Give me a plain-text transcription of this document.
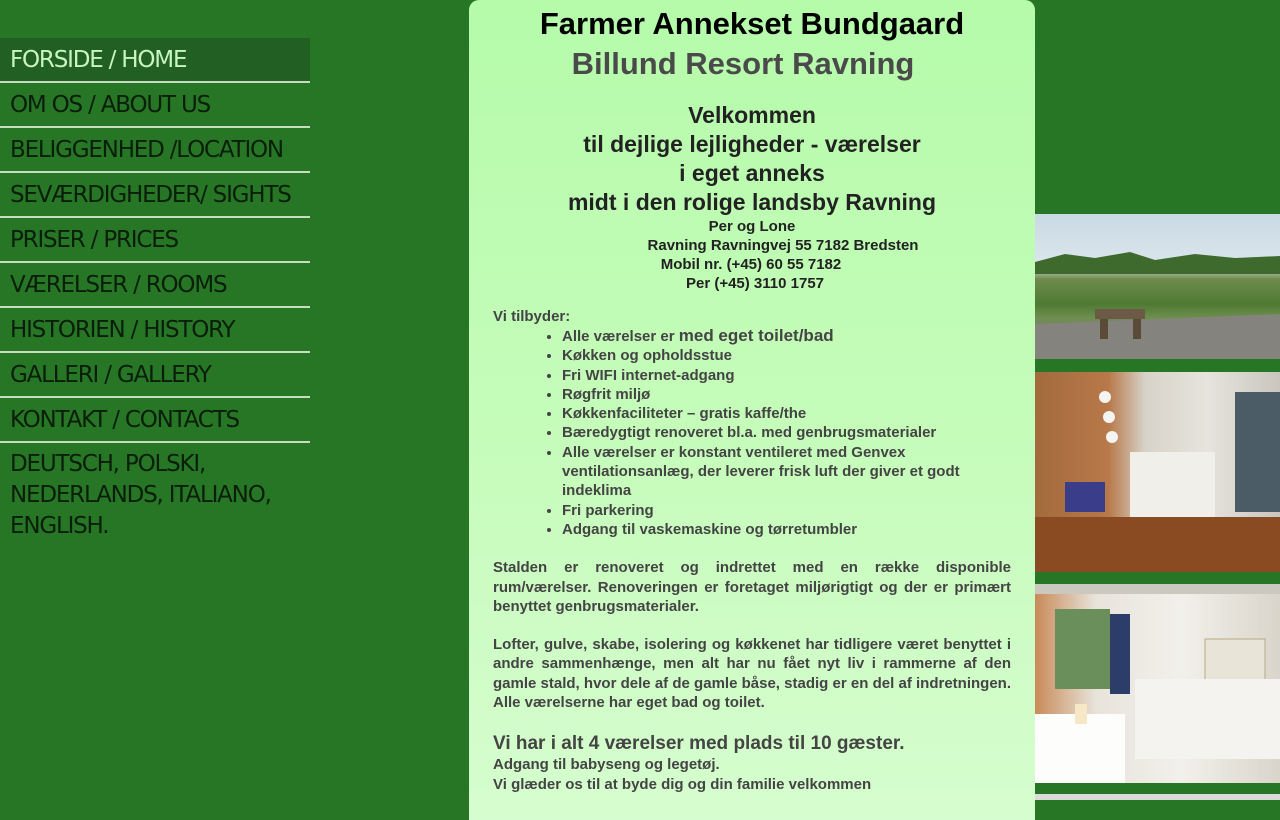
FORSIDE / HOME
OM OS / ABOUT US
BELIGGENHED /LOCATION
SEVÆRDIGHEDER/ SIGHTS
PRISER / PRICES
VÆRELSER / ROOMS
HISTORIEN / HISTORY
GALLERI / GALLERY
KONTAKT / CONTACTS
DEUTSCH, POLSKI, NEDERLANDS, ITALIANO, ENGLISH.
Farmer Annekset Bundgaard
Billund Resort Ravning
Velkommen
til dejlige lejligheder - værelser
i eget anneks
midt i den rolige landsby Ravning
Per og Lone
Ravning Ravningvej 55 7182 Bredsten
Mobil nr. (+45) 60 55 7182
Per (+45) 3110 1757
Vi tilbyder:
• Alle værelser er med eget toilet/bad
• Køkken og opholdsstue
• Fri WIFI internet-adgang
• Røgfrit miljø
• Køkkenfaciliteter – gratis kaffe/the
• Bæredygtigt renoveret bl.a. med genbrugsmaterialer
• Alle værelser er konstant ventileret med Genvex ventilationsanlæg, der leverer frisk luft der giver et godt indeklima
• Fri parkering
• Adgang til vaskemaskine og tørretumbler

Stalden er renoveret og indrettet med en række disponible rum/værelser. Renoveringen er foretaget miljørigtigt og der er primært benyttet genbrugsmaterialer.

Lofter, gulve, skabe, isolering og køkkenet har tidligere været benyttet i andre sammenhænge, men alt har nu fået nyt liv i rammerne af den gamle stald, hvor dele af de gamle båse, stadig er en del af indretningen. Alle værelserne har eget bad og toilet.

Vi har i alt 4 værelser med plads til 10 gæster.
Adgang til babyseng og legetøj.
Vi glæder os til at byde dig og din familie velkommen
